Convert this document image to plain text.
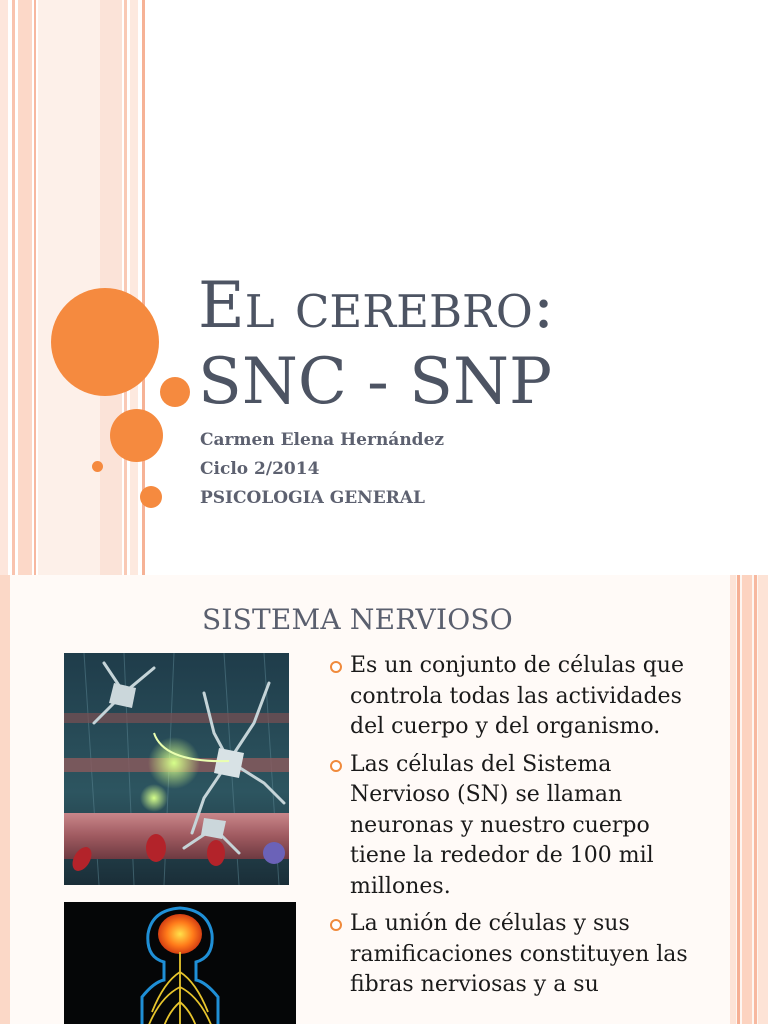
El cerebro:
SNC - SNP
Carmen Elena Hernández
Ciclo 2/2014
PSICOLOGIA GENERAL
SISTEMA NERVIOSO
Es un conjunto de células que controla todas las actividades del cuerpo y del organismo.
Las células del Sistema Nervioso (SN) se llaman neuronas y nuestro cuerpo tiene la rededor de 100 mil millones.
La unión de células y sus ramificaciones constituyen las fibras nerviosas y a su
